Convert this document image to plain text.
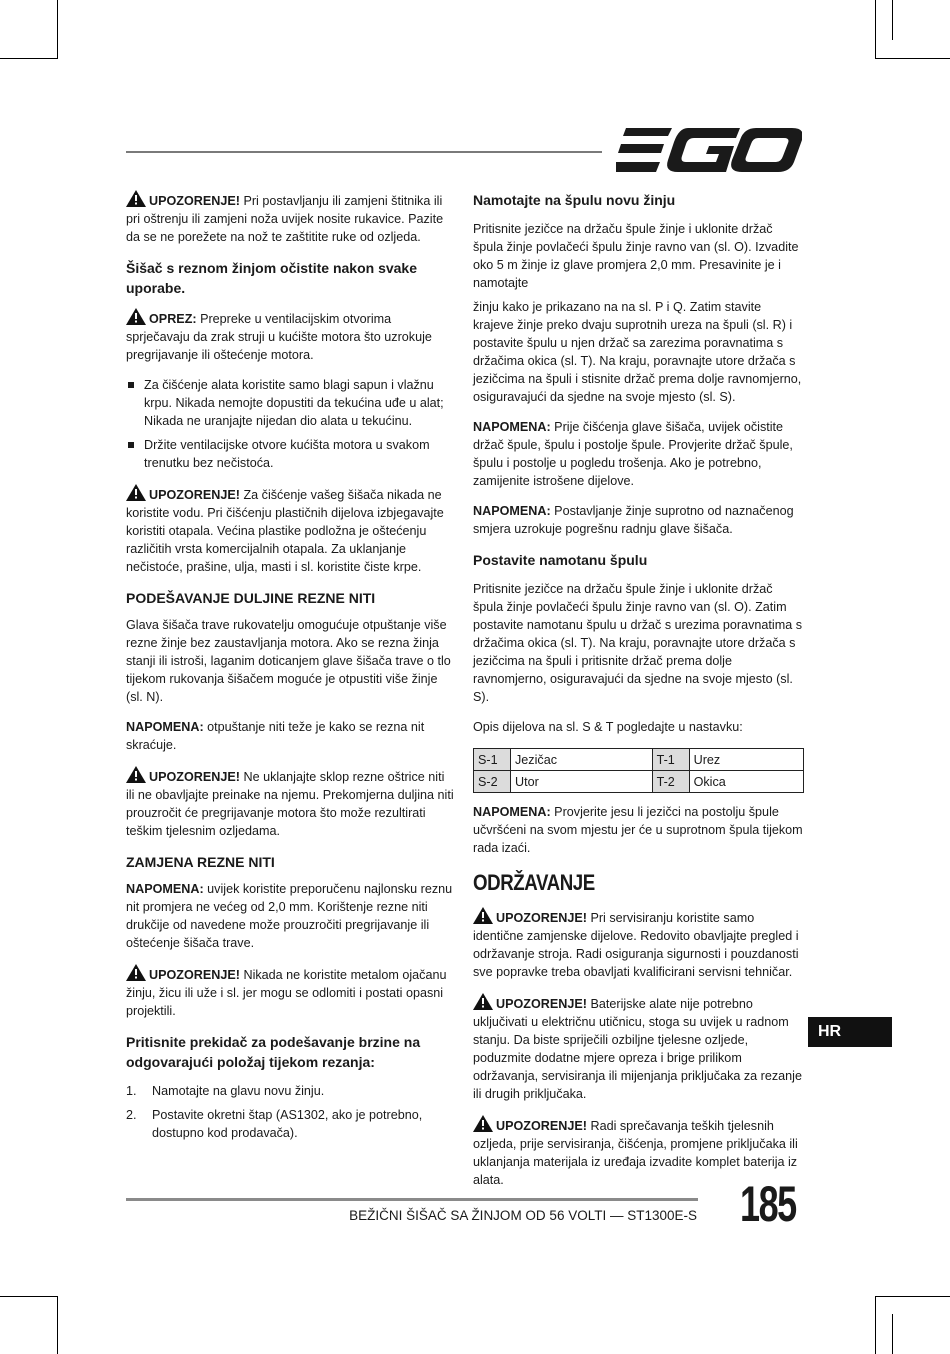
UPOZORENJE! Pri postavljanju ili zamjeni štitnika ili pri oštrenju ili zamjeni noža uvijek nosite rukavice. Pazite da se ne porežete na nož te zaštitite ruke od ozljeda.

Šišač s reznom žinjom očistite nakon svake uporabe.

OPREZ: Prepreke u ventilacijskim otvorima sprječavaju da zrak struji u kućište motora što uzrokuje pregrijavanje ili oštećenje motora.

Za čišćenje alata koristite samo blagi sapun i vlažnu krpu. Nikada nemojte dopustiti da tekućina uđe u alat; Nikada ne uranjajte nijedan dio alata u tekućinu.
Držite ventilacijske otvore kućišta motora u svakom trenutku bez nečistoća.

UPOZORENJE! Za čišćenje vašeg šišača nikada ne koristite vodu. Pri čišćenju plastičnih dijelova izbjegavajte koristiti otapala. Većina plastike podložna je oštećenju različitih vrsta komercijalnih otapala. Za uklanjanje nečistoće, prašine, ulja, masti i sl. koristite čiste krpe.

PODEŠAVANJE DULJINE REZNE NITI

Glava šišača trave rukovatelju omogućuje otpuštanje više rezne žinje bez zaustavljanja motora. Ako se rezna žinja stanji ili istroši, laganim doticanjem glave šišača trave o tlo tijekom rukovanja šišačem moguće je otpustiti više žinje (sl. N).

NAPOMENA: otpuštanje niti teže je kako se rezna nit skraćuje.

UPOZORENJE! Ne uklanjajte sklop rezne oštrice niti ili ne obavljajte preinake na njemu. Prekomjerna duljina niti prouzročit će pregrijavanje motora što može rezultirati teškim tjelesnim ozljedama.

ZAMJENA REZNE NITI

NAPOMENA: uvijek koristite preporučenu najlonsku reznu nit promjera ne većeg od 2,0 mm. Korištenje rezne niti drukčije od navedene može prouzročiti pregrijavanje ili oštećenje šišača trave.

UPOZORENJE! Nikada ne koristite metalom ojačanu žinju, žicu ili uže i sl. jer mogu se odlomiti i postati opasni projektili.

Pritisnite prekidač za podešavanje brzine na odgovarajući položaj tijekom rezanja:

1. Namotajte na glavu novu žinju.
2. Postavite okretni štap (AS1302, ako je potrebno, dostupno kod prodavača).

Namotajte na špulu novu žinju

Pritisnite jezičce na držaču špule žinje i uklonite držač špula žinje povlačeći špulu žinje ravno van (sl. O). Izvadite oko 5 m žinje iz glave promjera 2,0 mm. Presavinite je i namotajte

žinju kako je prikazano na na sl. P i Q. Zatim stavite krajeve žinje preko dvaju suprotnih ureza na špuli (sl. R) i postavite špulu u njen držač sa zarezima poravnatima s držačima okica (sl. T). Na kraju, poravnajte utore držača s jezičcima na špuli i stisnite držač prema dolje ravnomjerno, osiguravajući da sjedne na svoje mjesto (sl. S).

NAPOMENA: Prije čišćenja glave šišača, uvijek očistite držač špule, špulu i postolje špule. Provjerite držač špule, špulu i postolje u pogledu trošenja. Ako je potrebno, zamijenite istrošene dijelove.

NAPOMENA: Postavljanje žinje suprotno od naznačenog smjera uzrokuje pogrešnu radnju glave šišača.

Postavite namotanu špulu

Pritisnite jezičce na držaču špule žinje i uklonite držač špula žinje povlačeći špulu žinje ravno van (sl. O). Zatim postavite namotanu špulu u držač s urezima poravnatima s držačima okica (sl. T). Na kraju, poravnajte utore držača s jezičcima na špuli i pritisnite držač prema dolje ravnomjerno, osiguravajući da sjedne na svoje mjesto (sl. S).

Opis dijelova na sl. S & T pogledajte u nastavku:

S-1	Jezičac	T-1	Urez
S-2	Utor	T-2	Okica

NAPOMENA: Provjerite jesu li jezičci na postolju špule učvršćeni na svom mjestu jer će u suprotnom špula tijekom rada izaći.

ODRŽAVANJE

UPOZORENJE! Pri servisiranju koristite samo identične zamjenske dijelove. Redovito obavljajte pregled i održavanje stroja. Radi osiguranja sigurnosti i pouzdanosti sve popravke treba obavljati kvalificirani servisni tehničar.

UPOZORENJE! Baterijske alate nije potrebno uključivati u električnu utičnicu, stoga su uvijek u radnom stanju. Da biste spriječili ozbiljne tjelesne ozljede, poduzmite dodatne mjere opreza i brige prilikom održavanja, servisiranja ili mijenjanja priključaka za rezanje ili drugih priključaka.

UPOZORENJE! Radi sprečavanja teških tjelesnih ozljeda, prije servisiranja, čišćenja, promjene priključaka ili uklanjanja materijala iz uređaja izvadite komplet baterija iz alata.

HR
BEŽIČNI ŠIŠAČ SA ŽINJOM OD 56 VOLTI — ST1300E-S 185
